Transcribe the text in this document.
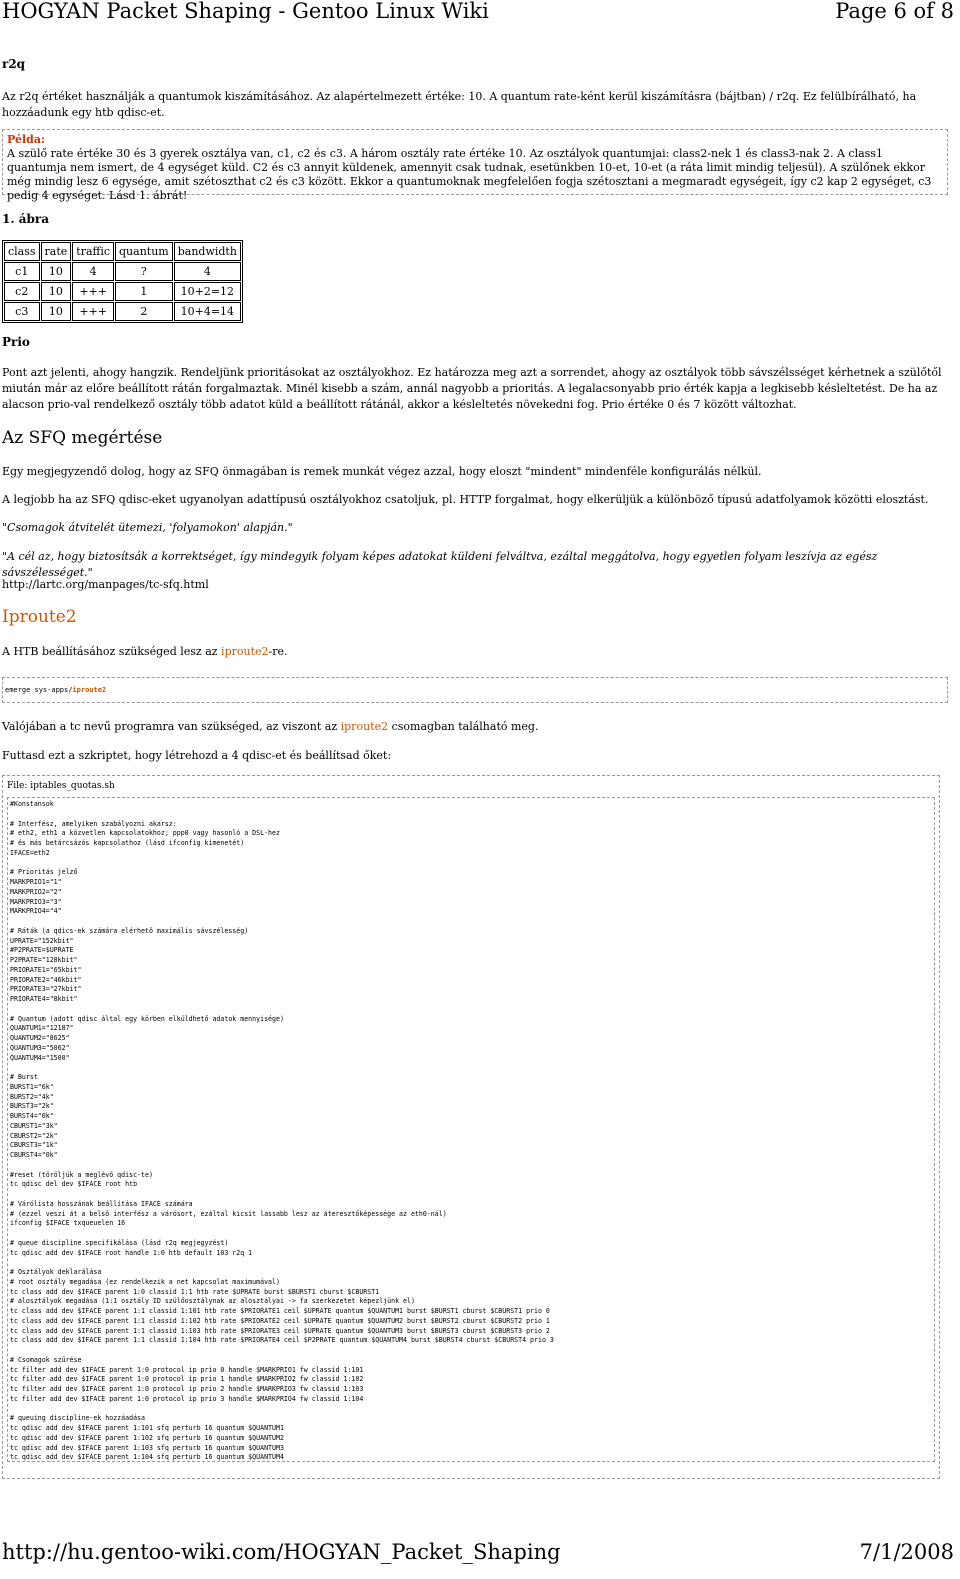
HOGYAN Packet Shaping - Gentoo Linux Wiki	Page 6 of 8
r2q
Az r2q értéket használják a quantumok kiszámításához. Az alapértelmezett értéke: 10. A quantum rate-ként kerül kiszámításra (bájtban) / r2q. Ez felülbírálható, ha hozzáadunk egy htb qdisc-et.
Példa:
A szülő rate értéke 30 és 3 gyerek osztálya van, c1, c2 és c3. A három osztály rate értéke 10. Az osztályok quantumjai: class2-nek 1 és class3-nak 2. A class1 quantumja nem ismert, de 4 egységet küld. C2 és c3 annyit küldenek, amennyit csak tudnak, esetünkben 10-et, 10-et (a ráta limit mindig teljesül). A szülőnek ekkor még mindig lesz 6 egysége, amit szétoszthat c2 és c3 között. Ekkor a quantumoknak megfelelően fogja szétosztani a megmaradt egységeit, így c2 kap 2 egységet, c3 pedig 4 egységet. Lásd 1. ábrát!
1. ábra
class	rate	traffic	quantum	bandwidth
c1	10	4	?	4
c2	10	+++	1	10+2=12
c3	10	+++	2	10+4=14
Prio
Pont azt jelenti, ahogy hangzik. Rendeljünk prioritásokat az osztályokhoz. Ez határozza meg azt a sorrendet, ahogy az osztályok több sávszélsséget kérhetnek a szülőtől miután már az előre beállított rátán forgalmaztak. Minél kisebb a szám, annál nagyobb a prioritás. A legalacsonyabb prio érték kapja a legkisebb késleltetést. De ha az alacson prio-val rendelkező osztály több adatot küld a beállított rátánál, akkor a késleltetés növekedni fog. Prio értéke 0 és 7 között változhat.
Az SFQ megértése
Egy megjegyzendő dolog, hogy az SFQ önmagában is remek munkát végez azzal, hogy eloszt "mindent" mindenféle konfigurálás nélkül.
A legjobb ha az SFQ qdisc-eket ugyanolyan adattípusú osztályokhoz csatoljuk, pl. HTTP forgalmat, hogy elkerüljük a különböző típusú adatfolyamok közötti elosztást.
"Csomagok átvitelét ütemezi, 'folyamokon' alapján."
"A cél az, hogy biztosítsák a korrektséget, így mindegyik folyam képes adatokat küldeni felváltva, ezáltal meggátolva, hogy egyetlen folyam leszívja az egész sávszélességet."
http://lartc.org/manpages/tc-sfq.html
Iproute2
A HTB beállításához szükséged lesz az iproute2-re.
emerge sys-apps/iproute2
Valójában a tc nevű programra van szükséged, az viszont az iproute2 csomagban található meg.
Futtasd ezt a szkriptet, hogy létrehozd a 4 qdisc-et és beállítsad őket:
File: iptables_quotas.sh
#Konstansok

# Interfész, amelyiken szabályozni akarsz:
# eth2, eth1 a közvetlen kapcsolatokhoz; ppp0 vagy hasonló a DSL-hez
# és más betárcsázós kapcsolathoz (lásd ifconfig kimenetét)
IFACE=eth2

# Prioritás jelző
MARKPRIO1="1"
MARKPRIO2="2"
MARKPRIO3="3"
MARKPRIO4="4"

# Ráták (a qdics-ek számára elérhető maximális sávszélesség)
UPRATE="152kbit"
#P2PRATE=$UPRATE
P2PRATE="128kbit"
PRIORATE1="65kbit"
PRIORATE2="46kbit"
PRIORATE3="27kbit"
PRIORATE4="8kbit"

# Quantum (adott qdisc által egy körben elküldhető adatok mennyisége)
QUANTUM1="12187"
QUANTUM2="8625"
QUANTUM3="5062"
QUANTUM4="1500"

# Burst
BURST1="6k"
BURST2="4k"
BURST3="2k"
BURST4="0k"
CBURST1="3k"
CBURST2="2k"
CBURST3="1k"
CBURST4="0k"

#reset (töröljük a meglévő qdisc-te)
tc qdisc del dev $IFACE root htb

# Várólista hosszának beállítása IFACE számára
# (ezzel veszi át a belső interfész a várósort, ezáltal kicsit lassabb lesz az áteresztőképessége az eth0-nál)
ifconfig $IFACE txqueuelen 16

# queue discipline specifikálása (lásd r2q megjegyzést)
tc qdisc add dev $IFACE root handle 1:0 htb default 103 r2q 1

# Osztályok deklarálása
# root osztály megadása (ez rendelkezik a net kapcsolat maximumával)
tc class add dev $IFACE parent 1:0 classid 1:1 htb rate $UPRATE burst $BURST1 cburst $CBURST1
# alosztályok megadása (1:1 osztály ID szülőosztálynak az alosztályai -> fa szerkezetet képezljünk el)
tc class add dev $IFACE parent 1:1 classid 1:101 htb rate $PRIORATE1 ceil $UPRATE quantum $QUANTUM1 burst $BURST1 cburst $CBURST1 prio 0
tc class add dev $IFACE parent 1:1 classid 1:102 htb rate $PRIORATE2 ceil $UPRATE quantum $QUANTUM2 burst $BURST2 cburst $CBURST2 prio 1
tc class add dev $IFACE parent 1:1 classid 1:103 htb rate $PRIORATE3 ceil $UPRATE quantum $QUANTUM3 burst $BURST3 cburst $CBURST3 prio 2
tc class add dev $IFACE parent 1:1 classid 1:104 htb rate $PRIORATE4 ceil $P2PRATE quantum $QUANTUM4 burst $BURST4 cburst $CBURST4 prio 3

# Csomagok szűrése
tc filter add dev $IFACE parent 1:0 protocol ip prio 0 handle $MARKPRIO1 fw classid 1:101
tc filter add dev $IFACE parent 1:0 protocol ip prio 1 handle $MARKPRIO2 fw classid 1:102
tc filter add dev $IFACE parent 1:0 protocol ip prio 2 handle $MARKPRIO3 fw classid 1:103
tc filter add dev $IFACE parent 1:0 protocol ip prio 3 handle $MARKPRIO4 fw classid 1:104

# queuing discipline-ek hozzáadása
tc qdisc add dev $IFACE parent 1:101 sfq perturb 16 quantum $QUANTUM1
tc qdisc add dev $IFACE parent 1:102 sfq perturb 16 quantum $QUANTUM2
tc qdisc add dev $IFACE parent 1:103 sfq perturb 16 quantum $QUANTUM3
tc qdisc add dev $IFACE parent 1:104 sfq perturb 16 quantum $QUANTUM4
http://hu.gentoo-wiki.com/HOGYAN_Packet_Shaping	7/1/2008
